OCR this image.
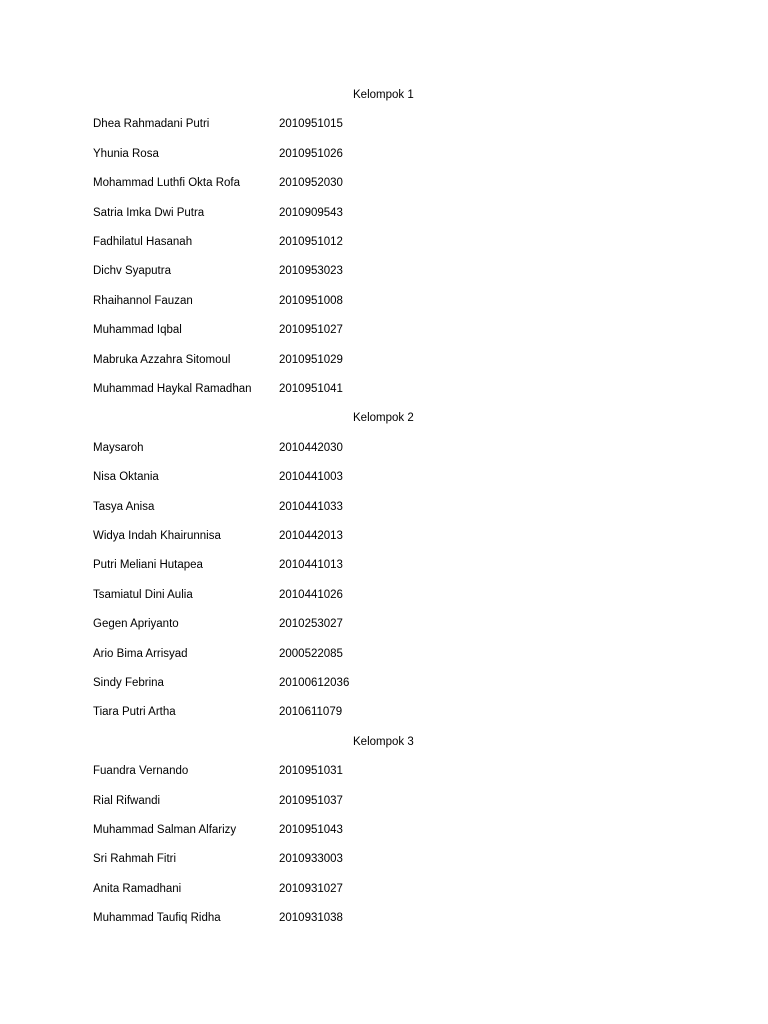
Kelompok 1
Dhea Rahmadani Putri	2010951015
Yhunia Rosa	2010951026
Mohammad Luthfi Okta Rofa	2010952030
Satria Imka Dwi Putra	2010909543
Fadhilatul Hasanah	2010951012
Dichv Syaputra	2010953023
Rhaihannol Fauzan	2010951008
Muhammad Iqbal	2010951027
Mabruka Azzahra Sitomoul	2010951029
Muhammad Haykal Ramadhan 2010951041
Kelompok 2
Maysaroh	2010442030
Nisa Oktania	2010441003
Tasya Anisa	2010441033
Widya Indah Khairunnisa	2010442013
Putri Meliani Hutapea	2010441013
Tsamiatul Dini Aulia	2010441026
Gegen Apriyanto	2010253027
Ario Bima Arrisyad	2000522085
Sindy Febrina	20100612036
Tiara Putri Artha	2010611079
Kelompok 3
Fuandra Vernando	2010951031
Rial Rifwandi	2010951037
Muhammad Salman Alfarizy	2010951043
Sri Rahmah Fitri	2010933003
Anita Ramadhani	2010931027
Muhammad Taufiq Ridha	2010931038
